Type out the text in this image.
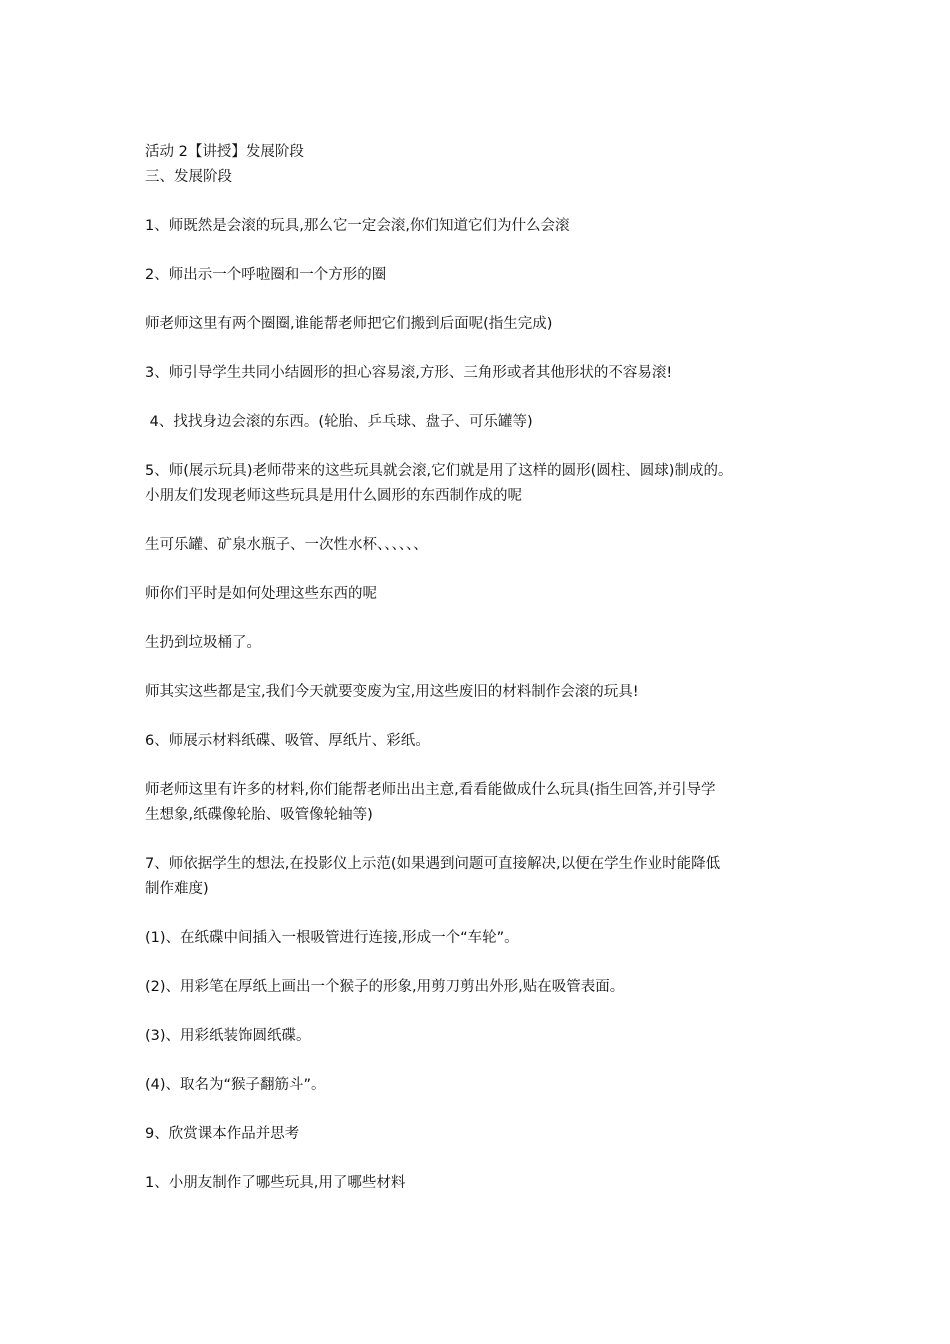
活动 2【讲授】发展阶段
三、发展阶段
1、师既然是会滚的玩具,那么它一定会滚,你们知道它们为什么会滚
2、师出示一个呼啦圈和一个方形的圈
师老师这里有两个圈圈,谁能帮老师把它们搬到后面呢(指生完成)
3、师引导学生共同小结圆形的担心容易滚,方形、三角形或者其他形状的不容易滚!
4、找找身边会滚的东西。(轮胎、乒乓球、盘子、可乐罐等)
5、师(展示玩具)老师带来的这些玩具就会滚,它们就是用了这样的圆形(圆柱、圆球)制成的。
小朋友们发现老师这些玩具是用什么圆形的东西制作成的呢
生可乐罐、矿泉水瓶子、一次性水杯、、、、、、
师你们平时是如何处理这些东西的呢
生扔到垃圾桶了。
师其实这些都是宝,我们今天就要变废为宝,用这些废旧的材料制作会滚的玩具!
6、师展示材料纸碟、吸管、厚纸片、彩纸。
师老师这里有许多的材料,你们能帮老师出出主意,看看能做成什么玩具(指生回答,并引导学
生想象,纸碟像轮胎、吸管像轮轴等)
7、师依据学生的想法,在投影仪上示范(如果遇到问题可直接解决,以便在学生作业时能降低
制作难度)
(1)、在纸碟中间插入一根吸管进行连接,形成一个“车轮”。
(2)、用彩笔在厚纸上画出一个猴子的形象,用剪刀剪出外形,贴在吸管表面。
(3)、用彩纸装饰圆纸碟。
(4)、取名为“猴子翻筋斗”。
9、欣赏课本作品并思考
1、小朋友制作了哪些玩具,用了哪些材料
